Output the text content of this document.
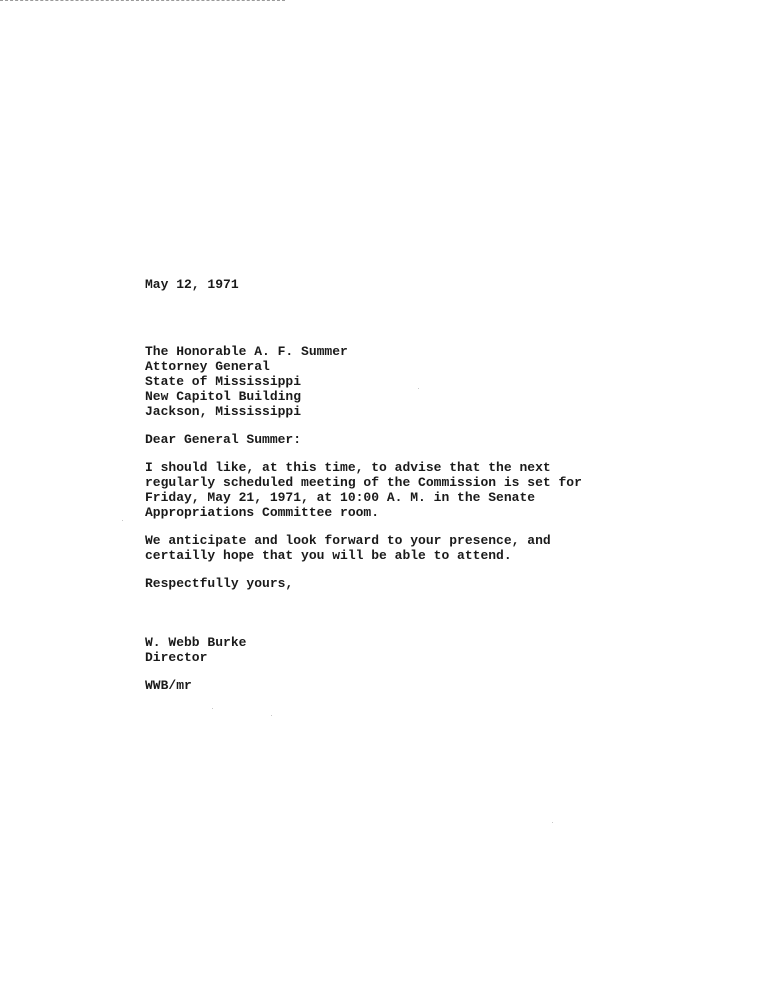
May 12, 1971
The Honorable A. F. Summer
Attorney General
State of Mississippi
New Capitol Building
Jackson, Mississippi
Dear General Summer:
I should like, at this time, to advise that the next
regularly scheduled meeting of the Commission is set for
Friday, May 21, 1971, at 10:00 A. M. in the Senate
Appropriations Committee room.
We anticipate and look forward to your presence, and
certailly hope that you will be able to attend.
Respectfully yours,
W. Webb Burke
Director
WWB/mr
